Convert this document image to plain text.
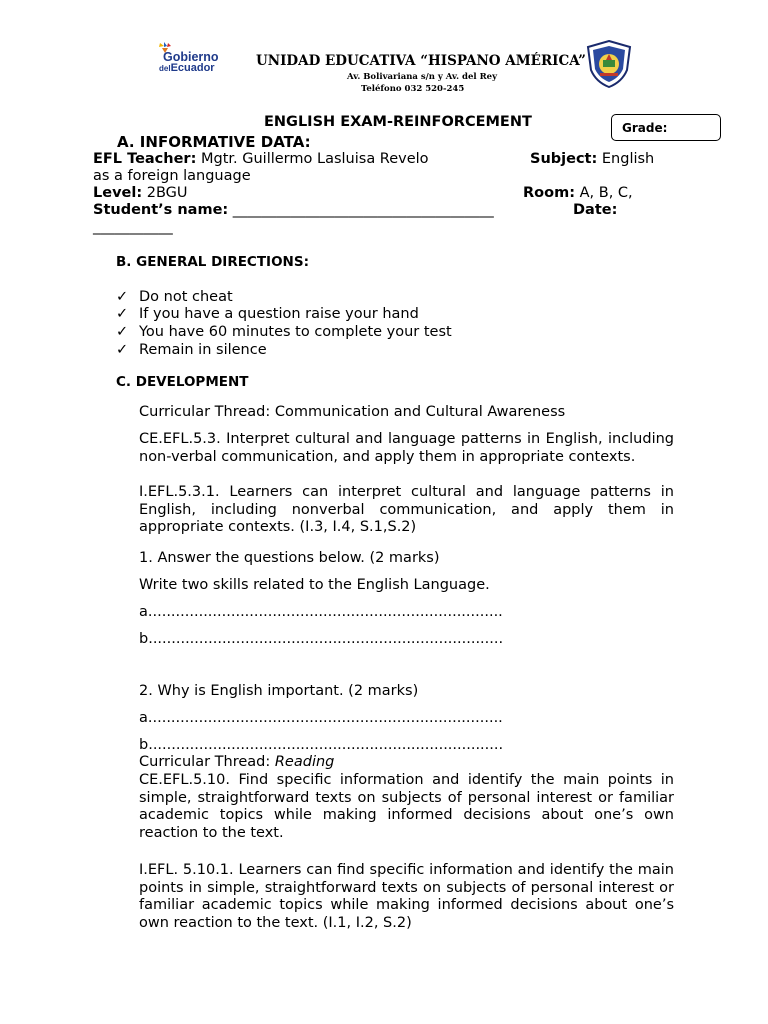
Gobierno
delEcuador	UNIDAD EDUCATIVA “HISPANO AMÉRICA”
Av. Bolivariana s/n y Av. del Rey
Teléfono 032 520-245
ENGLISH EXAM-REINFORCEMENT	Grade:
A. INFORMATIVE DATA:
EFL Teacher: Mgtr. Guillermo Lasluisa Revelo	Subject: English
as a foreign language
Level: 2BGU	Room: A, B, C,
Student’s name: ____________________________________	Date:
___________
B. GENERAL DIRECTIONS:
✓ Do not cheat
✓ If you have a question raise your hand
✓ You have 60 minutes to complete your test
✓ Remain in silence
C. DEVELOPMENT
Curricular Thread: Communication and Cultural Awareness
CE.EFL.5.3. Interpret cultural and language patterns in English, including non-verbal communication, and apply them in appropriate contexts.
I.EFL.5.3.1. Learners can interpret cultural and language patterns in English, including nonverbal communication, and apply them in appropriate contexts. (I.3, I.4, S.1,S.2)
1. Answer the questions below. (2 marks)
Write two skills related to the English Language.
a.............................................................................
b.............................................................................
2. Why is English important. (2 marks)
a.............................................................................
b.............................................................................
Curricular Thread: Reading
CE.EFL.5.10. Find specific information and identify the main points in simple, straightforward texts on subjects of personal interest or familiar academic topics while making informed decisions about one’s own reaction to the text.
I.EFL. 5.10.1. Learners can find specific information and identify the main points in simple, straightforward texts on subjects of personal interest or familiar academic topics while making informed decisions about one’s own reaction to the text. (I.1, I.2, S.2)
